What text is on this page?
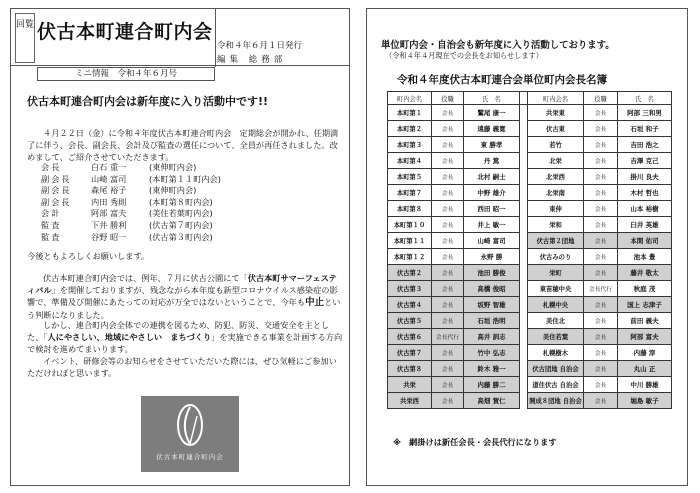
回覧 伏古本町連合町内会
令和４年６月１日発行
編集 総務部
ミニ情報　令和４年６月号
伏古本町連合町内会は新年度に入り活動中です!!

４月２２日（金）に令和４年度伏古本町連合町内会　定期総会が開かれ、任期満了に伴う、会長、副会長、会計及び監査の選任について、全員が再任されました。改めまして、ご紹介させていただきます。

会長	白石 重一	(東伸町内会)
副会長	山崎 富司	(本町第１１町内会)
副会長	森尾 裕子	(東伸町内会)
副会長	内田 秀則	(本町第８町内会)
会計	阿部 富夫	(美住若葉町内会)
監査	下井 勝利	(伏古第７町内会)
監査	谷野 昭一	(伏古第３町内会)

今後ともよろしくお願いします。

伏古本町連合町内会では、例年、７月に伏古公園にて「伏古本町サマーフェスティバル」を開催しておりますが、残念ながら本年度も新型コロナウイルス感染症の影響で、準備及び開催にあたっての対応が万全ではないということで、今年も中止という判断になりました。

しかし、連合町内会全体での連携を図るため、防犯、防災、交通安全を主とした、「人にやさしい、地域にやさしい　まちづくり」を実施できる事業を計画する方向で検討を進めてまいります。

イベント、研修会等のお知らせをさせていただいた際には、ぜひ気軽にご参加いただければと思います。

伏古本町連合町内会
単位町内会・自治会も新年度に入り活動しております。
（令和４年４月現在での会長をお知らせします）
令和４年度伏古本町連合会単位町内会長名簿
町内会名	役職	氏　名		町内会名	役職	氏　名
本町第１	会長	鷲尾 康一		共栄東	会長	阿部 三和男
本町第２	会長	遠藤 義寛		伏古東	会長	石垣 和子
本町第３	会長	東 勝孝		若竹	会長	吉田 浩之
本町第４	会長	丹 篤		北栄	会長	吉澤 克己
本町第５	会長	北村 嗣士		北栄西	会長	掛川 良夫
本町第７	会長	中野 雄介		北栄南	会長	木村 哲也
本町第８	会長	西田 昭一		東伸	会長	山本 裕樹
本町第１０	会長	井上 敏一		栄和	会長	臼井 英雄
本町第１１	会長	山崎 富司		伏古第２団地	会長	本間 佑司
本町第１２	会長	永野 勝		伏古みのり	会長	池本 豊
伏古第２	会長	池田 勝俊		栄町	会長	藤井 敬太
伏古第３	会長	高橋 俊昭		東苗穂中央	会長代行	秋庭 茂
伏古第４	会長	坂野 智雄		札幌中央	会長	国上 志津子
伏古第５	会長	石垣 浩明		美住北	会長	前田 義夫
伏古第６	会長代行	高井 訓志		美住若葉	会長	阿部 富夫
伏古第７	会長	竹中 弘志		札幌樹木	会長	内藤 淳
伏古第８	会長	鈴木 雅一		伏古団地 自治会	会長	丸山 正
共栄	会長	内藤 勝二		道住伏古 自治会	会長	中川 勝雄
共栄西	会長	高畑 賀仁		開成８団地 自治会	会長	堀島 敏子
※　網掛けは新任会長・会長代行になります
